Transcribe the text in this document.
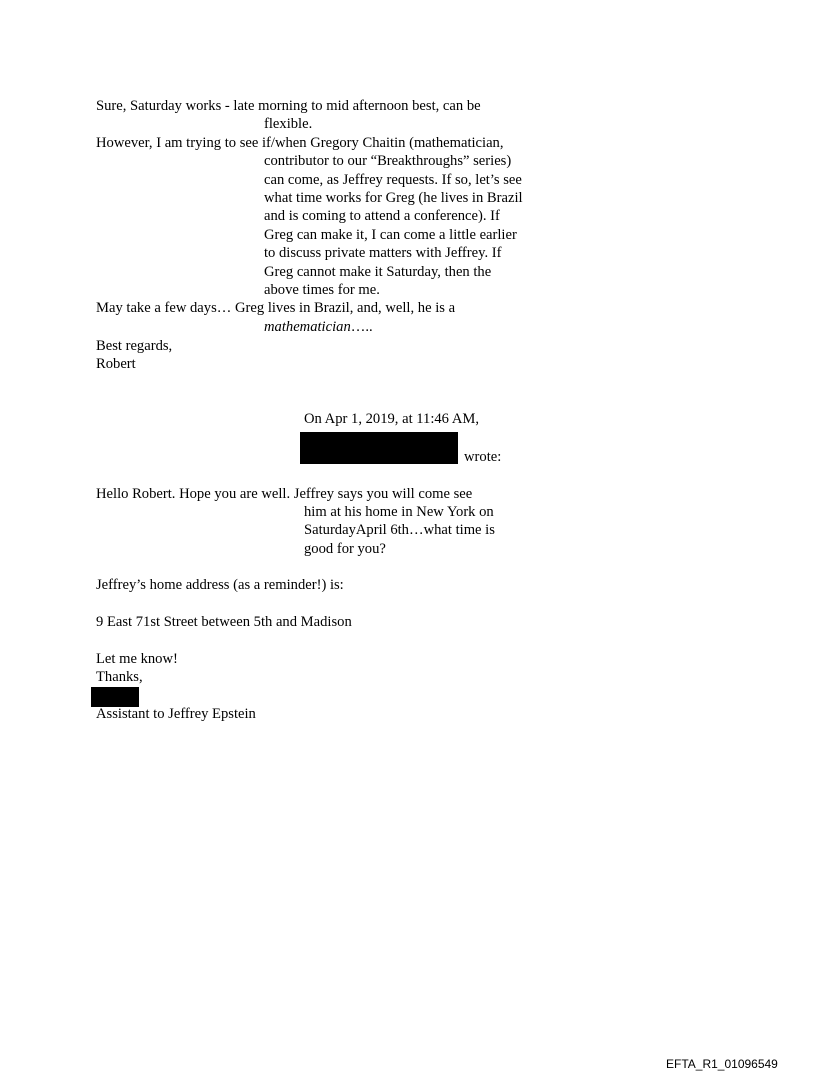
Sure, Saturday works - late morning to mid afternoon best, can be
flexible.
However, I am trying to see if/when Gregory Chaitin (mathematician,
contributor to our “Breakthroughs” series)
can come, as Jeffrey requests. If so, let’s see
what time works for Greg (he lives in Brazil
and is coming to attend a conference). If
Greg can make it, I can come a little earlier
to discuss private matters with Jeffrey. If
Greg cannot make it Saturday, then the
above times for me.
May take a few days… Greg lives in Brazil, and, well, he is a
mathematician…..
Best regards,
Robert
On Apr 1, 2019, at 11:46 AM,
wrote:
Hello Robert. Hope you are well. Jeffrey says you will come see
him at his home in New York on
SaturdayApril 6th…what time is
good for you?
Jeffrey’s home address (as a reminder!) is:
9 East 71st Street between 5th and Madison
Let me know!
Thanks,
Assistant to Jeffrey Epstein
EFTA_R1_01096549
